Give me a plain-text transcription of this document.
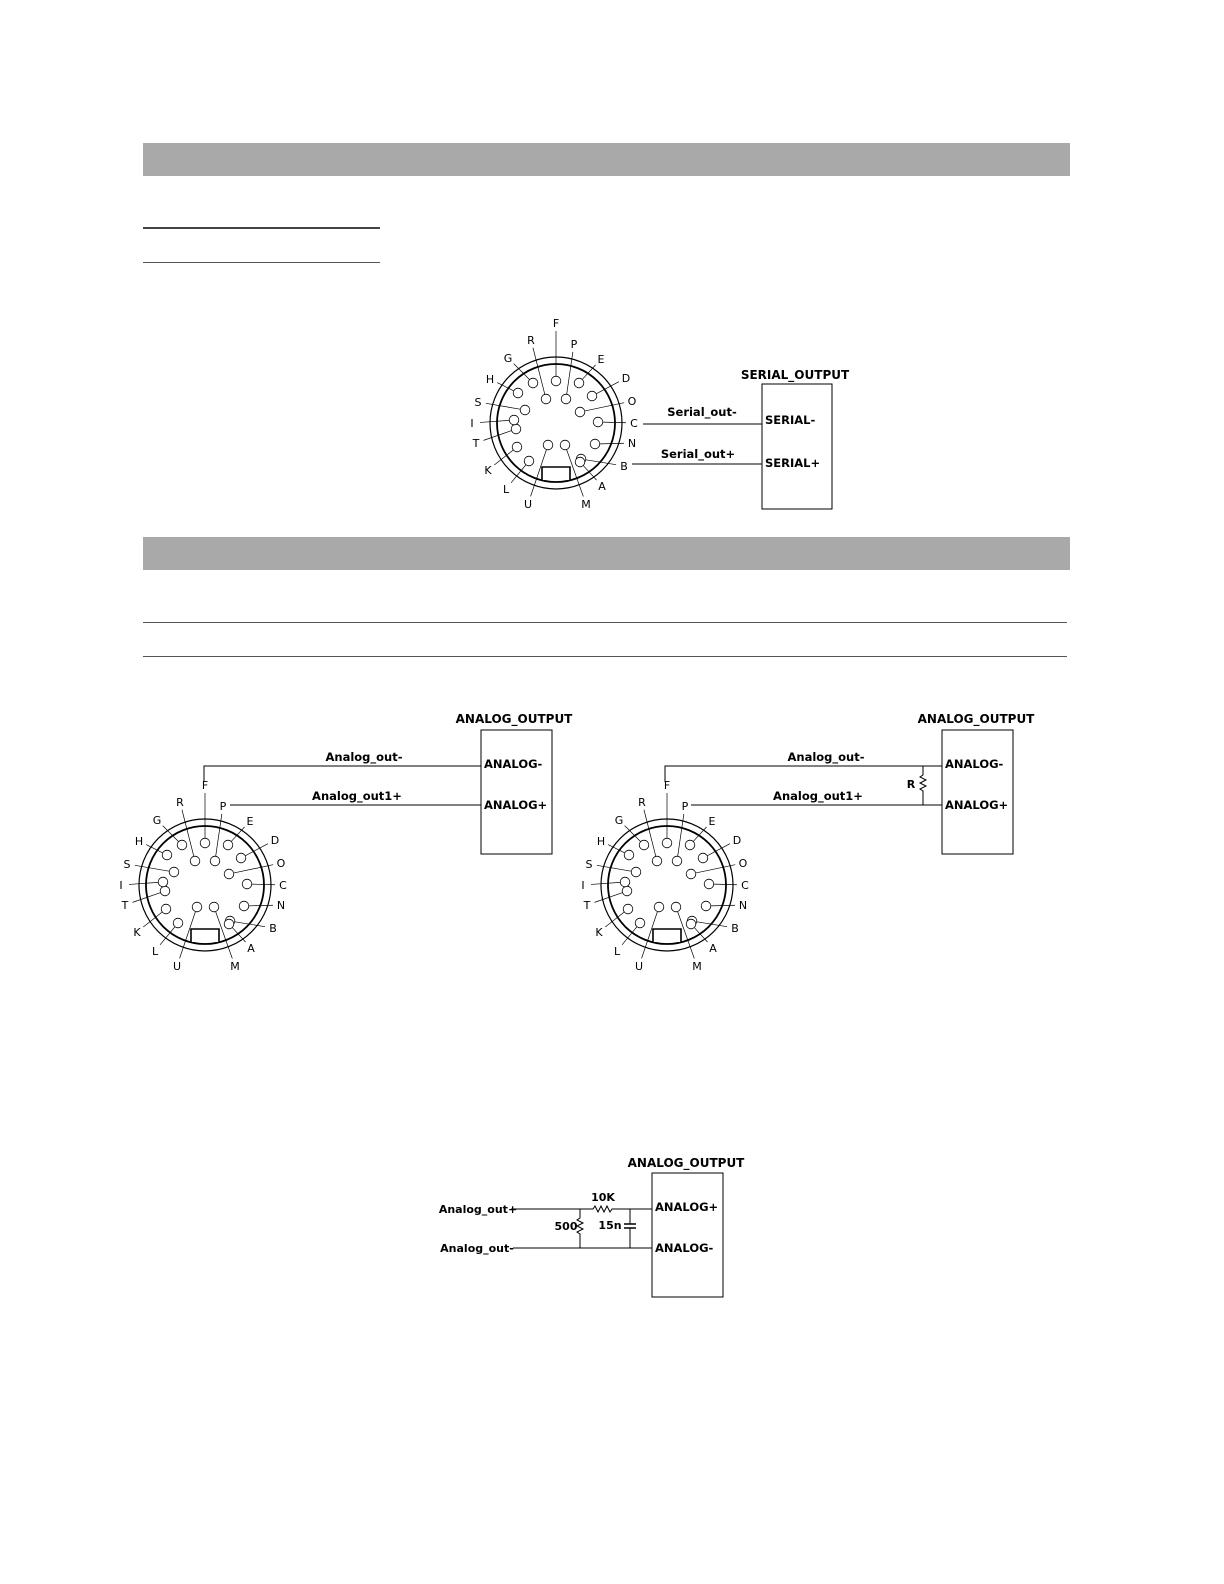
F
P
E
D
O
C
N
B
A
M
U
L
K
T
I
S
H
G
R
SERIAL_OUTPUT
SERIAL-
SERIAL+
Serial_out-
Serial_out+
F
P
E
D
O
C
N
B
A
M
U
L
K
T
I
S
H
G
R
ANALOG_OUTPUT
ANALOG-
ANALOG+
Analog_out-
Analog_out1+
F
P
E
D
O
C
N
B
A
M
U
L
K
T
I
S
H
G
R
ANALOG_OUTPUT
ANALOG-
ANALOG+
Analog_out-
Analog_out1+
R
ANALOG_OUTPUT
ANALOG+
ANALOG-
Analog_out+
Analog_out-
10K
500 15n
